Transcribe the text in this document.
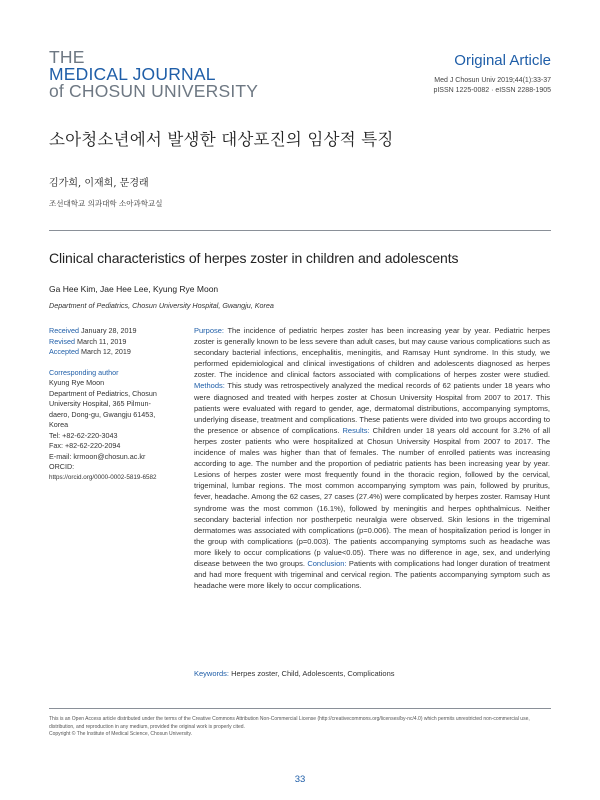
THE
MEDICAL JOURNAL
of CHOSUN UNIVERSITY
Original Article
Med J Chosun Univ 2019;44(1):33-37
pISSN 1225-0082 · eISSN 2288-1905
소아청소년에서 발생한 대상포진의 임상적 특징
김가희, 이재희, 문경래
조선대학교 의과대학 소아과학교실
Clinical characteristics of herpes zoster in children and adolescents
Ga Hee Kim, Jae Hee Lee, Kyung Rye Moon
Department of Pediatrics, Chosun University Hospital, Gwangju, Korea
Received January 28, 2019
Revised March 11, 2019
Accepted March 12, 2019
Corresponding author
Kyung Rye Moon
Department of Pediatrics, Chosun
University Hospital, 365 Pilmun-
daero, Dong-gu, Gwangju 61453,
Korea
Tel: +82-62-220-3043
Fax: +82-62-220-2094
E-mail: krmoon@chosun.ac.kr
ORCID:
https://orcid.org/0000-0002-5819-6582
Purpose: The incidence of pediatric herpes zoster has been increasing year by year. Pediatric herpes zoster is generally known to be less severe than adult cases, but may cause various complications such as secondary bacterial infections, encephalitis, meningitis, and Ramsay Hunt syndrome. In this study, we performed epidemiological and clinical investigations of children and adolescents diagnosed as herpes zoster. The incidence and clinical factors associated with complications of herpes zoster were studied. Methods: This study was retrospectively analyzed the medical records of 62 patients under 18 years who were diagnosed and treated with herpes zoster at Chosun University Hospital from 2007 to 2017. This patients were evaluated with regard to gender, age, dermatomal distributions, accompanying symptoms, underlying disease, treatment and complications. These patients were divided into two groups according to the presence or absence of complications. Results: Children under 18 years old account for 3.2% of all herpes zoster patients who were hospitalized at Chosun University Hospital from 2007 to 2017. The incidence of males was higher than that of females. The number of enrolled patients was increasing according to age. The number and the proportion of pediatric patients has been increasing year by year. Lesions of herpes zoster were most frequently found in the thoracic region, followed by the cervical, trigeminal, lumbar regions. The most common accompanying symptom was pain, followed by pruritus, fever, headache. Among the 62 cases, 27 cases (27.4%) were complicated by herpes zoster. Ramsay Hunt syndrome was the most common (16.1%), followed by meningitis and herpes ophthalmicus. Neither secondary bacterial infection nor postherpetic neuralgia were observed. Skin lesions in the trigeminal dermatomes was associated with complications (p=0.006). The mean of hospitalization period is longer in the group with complications (p=0.003). The patients accompanying symptoms such as headache was more likely to occur complications (p value<0.05). There was no difference in age, sex, and underlying disease between the two groups. Conclusion: Patients with complications had longer duration of treatment and had more frequent with trigeminal and cervical region. The patients accompanying symptom such as headache were more likely to occur complications.
Keywords: Herpes zoster, Child, Adolescents, Complications
This is an Open Access article distributed under the terms of the Creative Commons Attribution Non-Commercial License (http://creativecommons.org/licenses/by-nc/4.0) which permits unrestricted non-commercial use, distribution, and reproduction in any medium, provided the original work is properly cited.
Copyright © The Institute of Medical Science, Chosun University.
33
